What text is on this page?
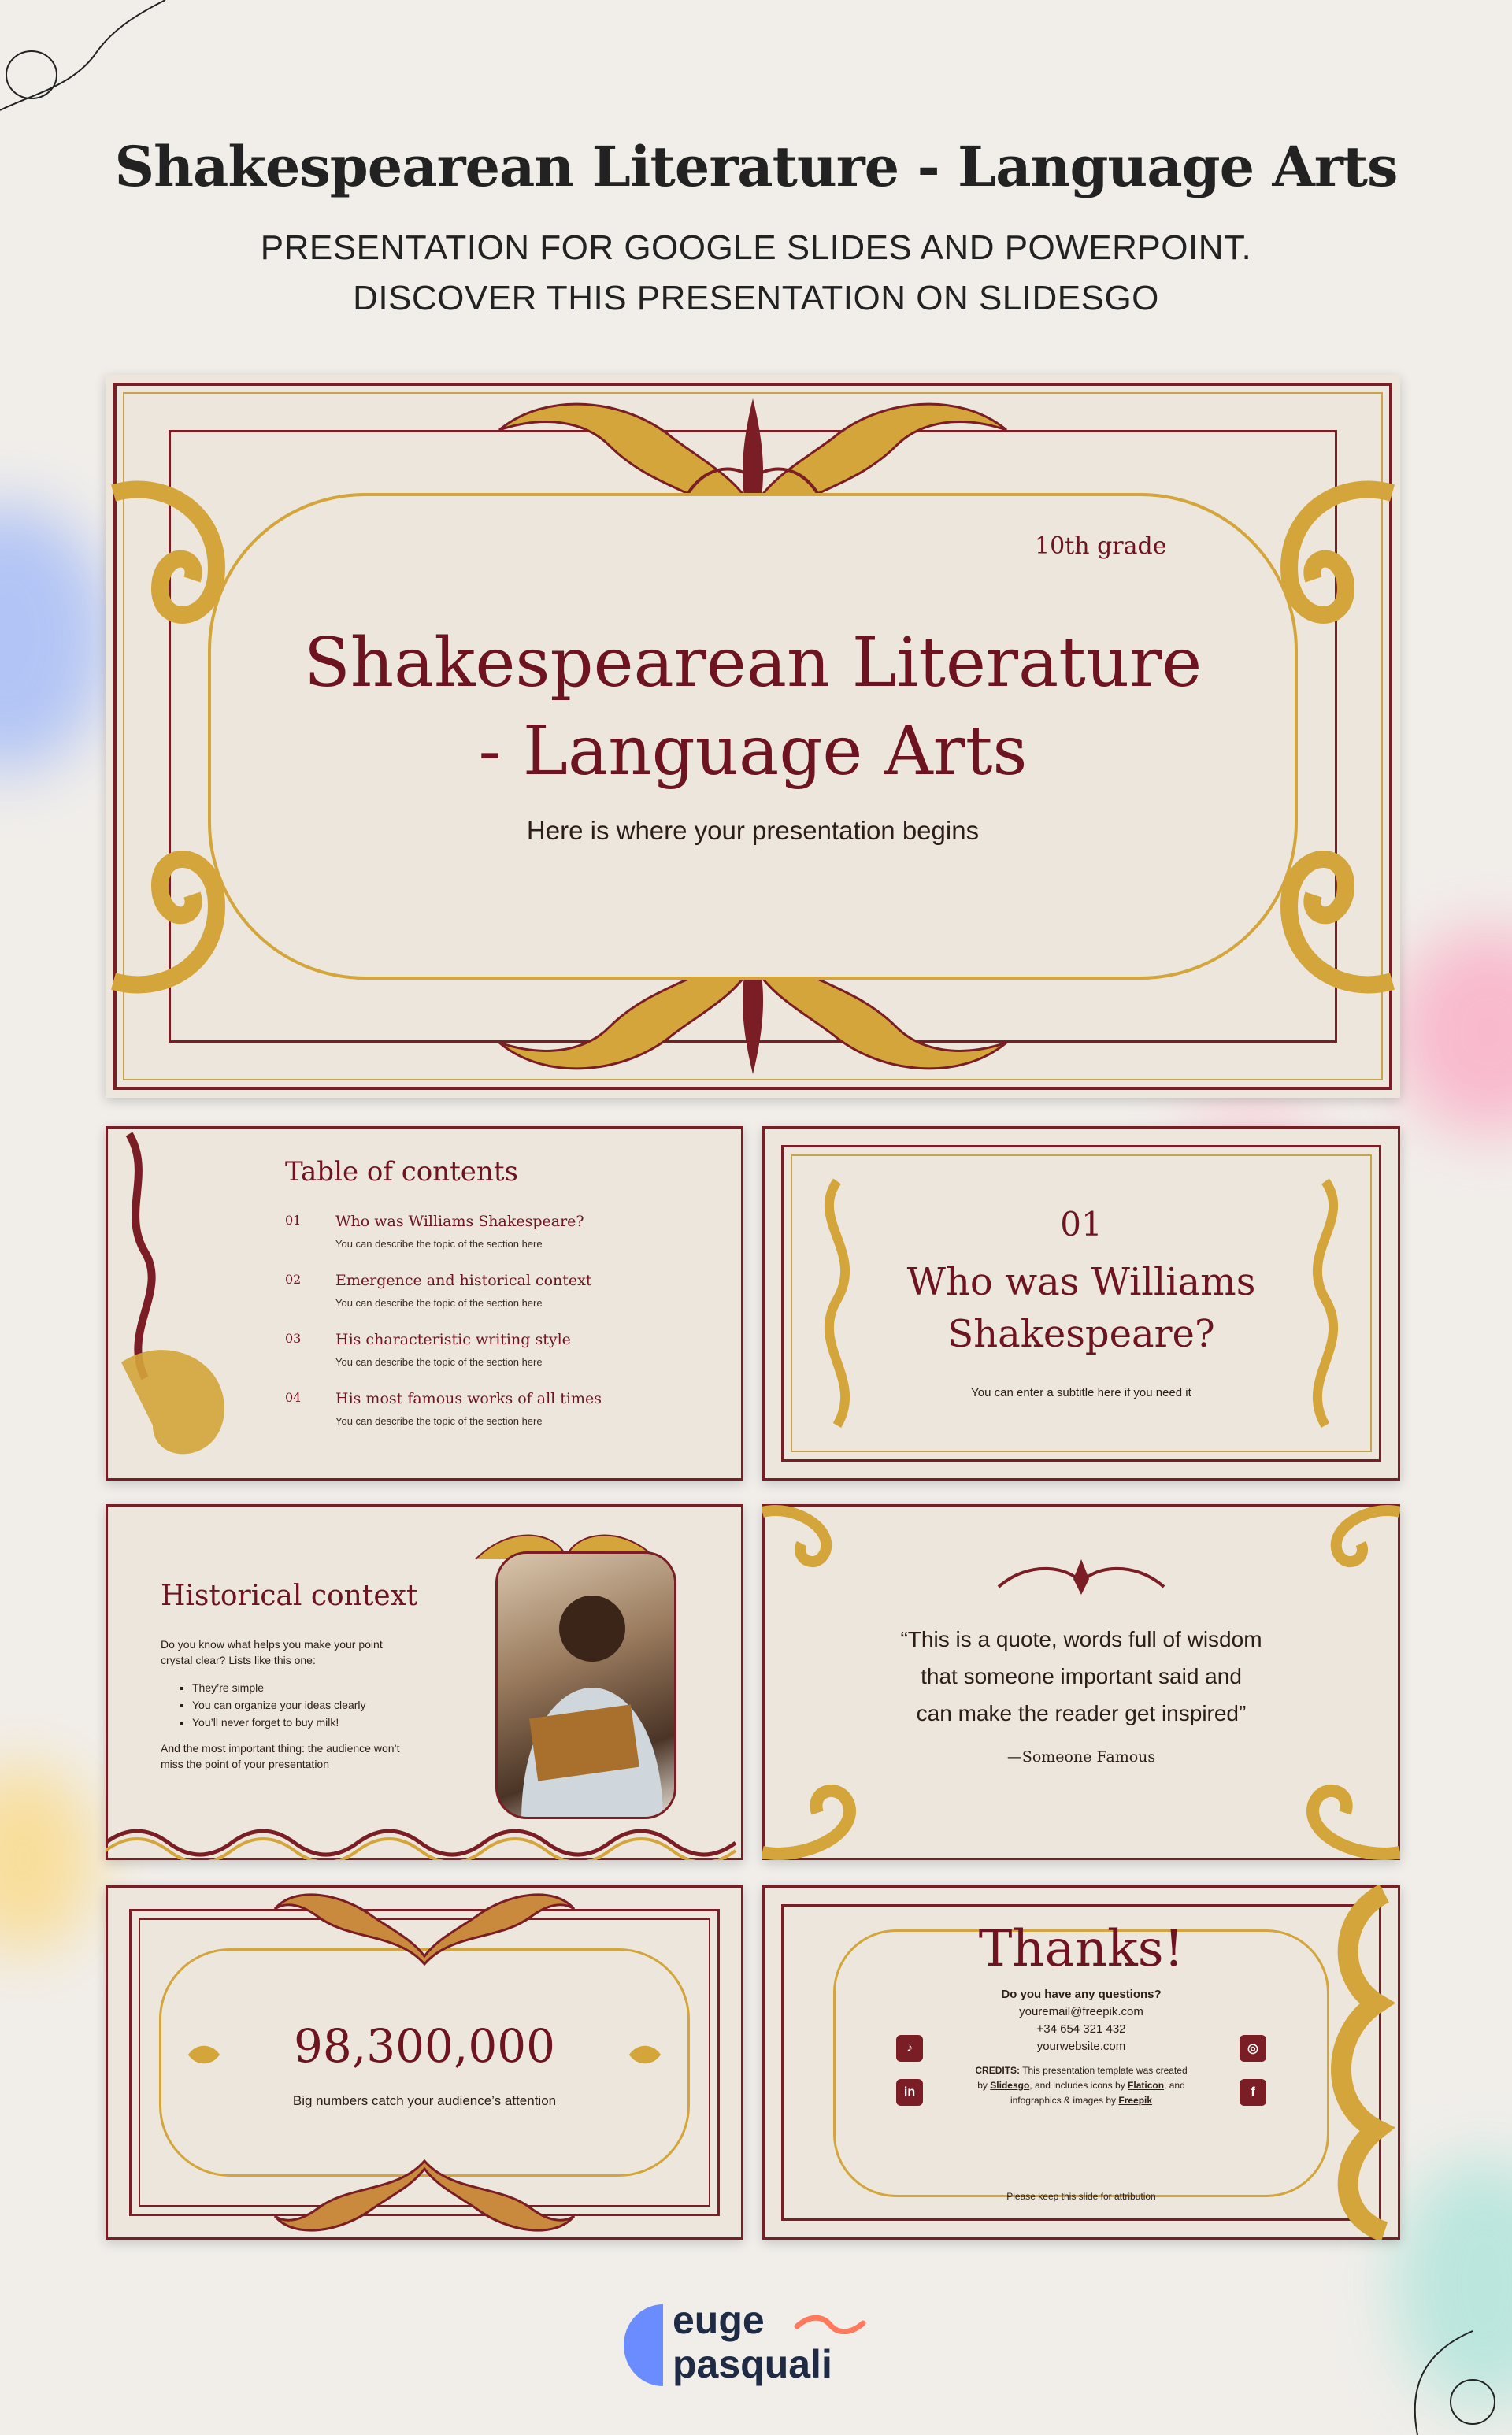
Shakespearean Literature - Language Arts
PRESENTATION FOR GOOGLE SLIDES AND POWERPOINT.
DISCOVER THIS PRESENTATION ON SLIDESGO
10th grade
Shakespearean Literature
- Language Arts
Here is where your presentation begins
Table of contents
01 Who was Williams Shakespeare?
You can describe the topic of the section here
02 Emergence and historical context
You can describe the topic of the section here
03 His characteristic writing style
You can describe the topic of the section here
04 His most famous works of all times
You can describe the topic of the section here
01
Who was Williams
Shakespeare?
You can enter a subtitle here if you need it
Historical context
Do you know what helps you make your point
crystal clear? Lists like this one:
▪ They’re simple
▪ You can organize your ideas clearly
▪ You’ll never forget to buy milk!
And the most important thing: the audience won’t
miss the point of your presentation
“This is a quote, words full of wisdom
that someone important said and
can make the reader get inspired”
—Someone Famous
98,300,000
Big numbers catch your audience’s attention
Thanks!
Do you have any questions?
youremail@freepik.com
+34 654 321 432
yourwebsite.com
CREDITS: This presentation template was created
by Slidesgo, and includes icons by Flaticon, and
infographics & images by Freepik
Please keep this slide for attribution
♪
in
◎
f
euge
pasquali
